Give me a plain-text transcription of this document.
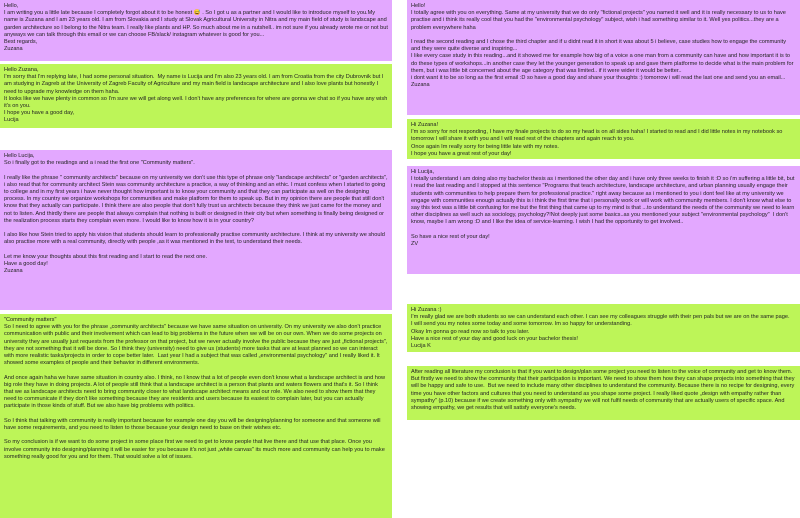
Hello,
I am writing you a little late because I completely forgot about it to be honest 😅 . So I got u as a partner and I would like to introduce myself to you.My name is Zuzana and I am 23 years old. I am from Slovakia and I study at Slovak Agricultural University in Nitra and my main field of study is landscape and garden architecture so I belong to the Nitra team. I really like plants and HP. So much about me in a nutshell.. im not sure if you already wrote me or not but anyways we can talk through this email or we can choose FB/slack/ instagram whatever is good for you...
Best regards,
Zuzana
Hello Zuzana,
I'm sorry that I'm replying late, I had some personal situation.  My name is Lucija and I'm also 23 years old. I am from Croatia from the city Dubrovnik but I am studying in Zagreb at the University of Zagreb Faculty of Agriculture and my main field is landscape architecture and I also love plants but honestly I need to upgrade my knowledge on them haha.
It looks like we have plenty in common so I'm sure we will get along well. I don't have any preferences for where are gonna we chat so if you have any wish it's on you.
I hope you have a good day,
Lucija
Hello Lucija,
So i finally got to the readings and a i read the first one "Community matters".

I really like the phrase " community architects" because on my university we don't use this type of phrase only "landscape architects" or "garden architects", i also read that for community architect Stein was community architecture a practice, a way of thinking and an ethic. I must confess when I started to going to college and in my first years i have never thought how important is to know your community and that they can participate as well on the designing process. In my country we organize workshops for communities and make platform for them to speak up. But in my opinion there are people that still don't know that they actually can participate. I think there are also people that don't fully trust us architects because they think we just came for the money and not to listen. And thirdly there are people that always complain that nothing is built or designed in their city but when something is finally being designed or the realization process starts they complain even more. I would like to know how it is in your country?

I also like how Stein tried to apply his vision that students should learn to professionally practise community architecture. I think at my university we should also practise more with a real community, directly with people ,as it was mentioned in the text, to understand their needs.

Let me know your thoughts about this first reading and I start to read the next one.
Have a good day!
Zuzana
"Community matters"
So I need to agree with you for the phrase „community architects" because we have same situation on university. On my university we also don't practice communication with public and their involvement which can lead to big problems in the future when we will be on our own. When we do some projects on university they are usually just requests from the professor on that project, but we never actually involve the public because they are just „fictional projects", they are not something that it will be done. So I think they (university) need to give us (students) more tasks that are at least planned so we can interact with more realistic tasks/projects in order to cope better later.  Last year I had a subject that was called „environmental psychology" and I really liked it. It showed some examples of people and their behavior in different environments.

And once again haha we have same situation in country also. I think, no I know that a lot of people even don't know what a landscape architect is and how big role they have in doing projects. A lot of people still think that a landscape architect is a person that plants and waters flowers and that's it. So I think that we as landscape architects need to bring community closer to what landscape architect means and our role. We also need to show them that they need to communicate if they don't like something because they are residents and users because its easiest to complain later, but you can actually participate in those kinds of stuff. But we also have big problems with politics.

So I think that talking with community is really important because for example one day you will be designing/planning for someone and that someone will have some requirements, and you need to listen to those because your design need to base on their wishes etc.

So my conclusion is if we want to do some project in some place first we need to get to know people that live there and that use that place. Once you involve community into designing/planning it will be easier for you because it's not just „white canvas" its much more and community can help you to make something really good for you and for them. That would solve a lot of issues.
Hello!
I totally agree with you on everything. Same at my university that we do only "fictional projects" you named it well and it is really necessary to us to have practise and i think its really cool that you had the "environmental psychology" subject, wish i had something similar to it. Well yes politics...they are a problem everywhere haha

I read the second reading and I chose the third chapter and if u didnt read it in short it was about 5 i believe, case studies how to engage the community and they were quite diverse and inspiring...
I like every case study in this reading...and it showed me for example how big of a voice a one man from a community can have and how important it is to do these types of workshops...in another case they let the younger generation to speak up and gave them platforme to decide what is the main problem for them, but i was little bit concerned about the age category that was limited.. if it were wider it would be better..
i dont want it to be so long as the first email :D so have a good day and share your thoughts :) tomorrow i will read the last one and send you an email...
Zuzana
Hi Zuzana!
I'm so sorry for not responding, I have my finale projects to do so my head is on all sides haha! I started to read and I did little notes in my notebook so tomorrow I will share it with you and I will read rest of the chapters and again reach to you.
Once again Im really sorry for being little late with my notes.
I hope you have a great rest of your day!
Hi Lucija,
I totally understand i am doing also my bachelor thesis as i mentioned the other day and i have only three weeks to finish it :D so i'm suffering a little bit, but i read the last reading and I stopped at this sentence "Programs that teach architecture, landscape architecture, and urban planning usually engage their students with communities to help prepare them for professional practice." right away because as i mentioned to you i dont feel like at my university we engage with communities enough actually this is i think the first time that i personally work or will work with community members. I don't know what else to say this text was a little bit confusing for me but the first thing that came up to my mind is that ...to understand the needs of the community we need to learn other disciplines as well such as sociology, psychology?!Not deeply just some basics..as you mentioned your subject "environmental psychology"  I don't know, maybe I am wrong :D and I like the idea of service-learning. I wish I had the opportunity to get involved..

So have a nice rest of your day!
ZV
Hi Zuzana :)
I'm really glad we are both students so we can understand each other. I can see my colleagues struggle with their pen pals but we are on the same page.
I will send you my notes some today and some tomorrow. Im so happy for understanding.
Okay Im gonna go read now so talk to you later.
Have a nice rest of your day and good luck on your bachelor thesis!
Lucija K
After reading all literature my conclusion is that if you want to design/plan some project you need to listen to the voice of community and get to know them. But firstly we need to show the community that their participation is important. We need to show them how they can shape projects into something that they will be happy and safe to use.  But we need to include many other disciplines to understand the community. Because there is no recipe for designing, every time you have other factors and cultures that you need to understand as you shape some project. I really liked quote „design with empathy rather than sympathy" (p.10) because if we create something only with sympathy we will not fulfil needs of community that are actually users of specific space. And showing empathy, we get results that will satisfy everyone's needs.
